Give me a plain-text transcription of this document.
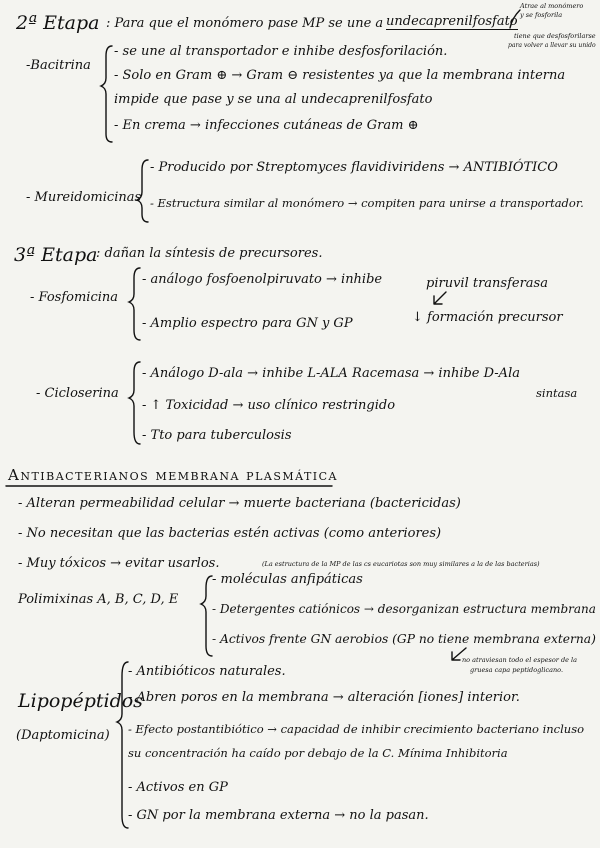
2ª Etapa : Para que el monómero pase MP se une a undecaprenilfosfato
Atrae al monómero
y se fosforila
tiene que desfosforilarse
para volver a llevar su unido
-Bacitrina
- se une al transportador e inhibe desfosforilación.
- Solo en Gram ⊕ → Gram ⊖ resistentes ya que la membrana interna
impide que pase y se una al undecaprenilfosfato
- En crema → infecciones cutáneas de Gram ⊕
- Mureidomicinas
- Producido por Streptomyces flavidiviridens → ANTIBIÓTICO
- Estructura similar al monómero → compiten para unirse a transportador.
3ª Etapa
: dañan la síntesis de precursores.
- Fosfomicina
- análogo fosfoenolpiruvato → inhibe	piruvil transferasa
- Amplio espectro para GN y GP	↓ formación precursor
- Cicloserina
- Análogo D-ala → inhibe L-ALA Racemasa → inhibe D-Ala
sintasa
- ↑ Toxicidad → uso clínico restringido
- Tto para tuberculosis
Antibacterianos membrana plasmática
- Alteran permeabilidad celular → muerte bacteriana (bactericidas)
- No necesitan que las bacterias estén activas (como anteriores)
- Muy tóxicos → evitar usarlos.	(La estructura de la MP de las cs eucariotas son muy similares a la de las bacterias)
Polimixinas A, B, C, D, E
- moléculas anfipáticas
- Detergentes catiónicos → desorganizan estructura membrana
- Activos frente GN aerobios (GP no tiene membrana externa)
no atraviesan todo el espesor de la
gruesa capa peptidoglicano.
Lipopéptidos
(Daptomicina)
- Antibióticos naturales.
- Abren poros en la membrana → alteración [iones] interior.
- Efecto postantibiótico → capacidad de inhibir crecimiento bacteriano incluso
su concentración ha caído por debajo de la C. Mínima Inhibitoria
- Activos en GP
- GN por la membrana externa → no la pasan.
